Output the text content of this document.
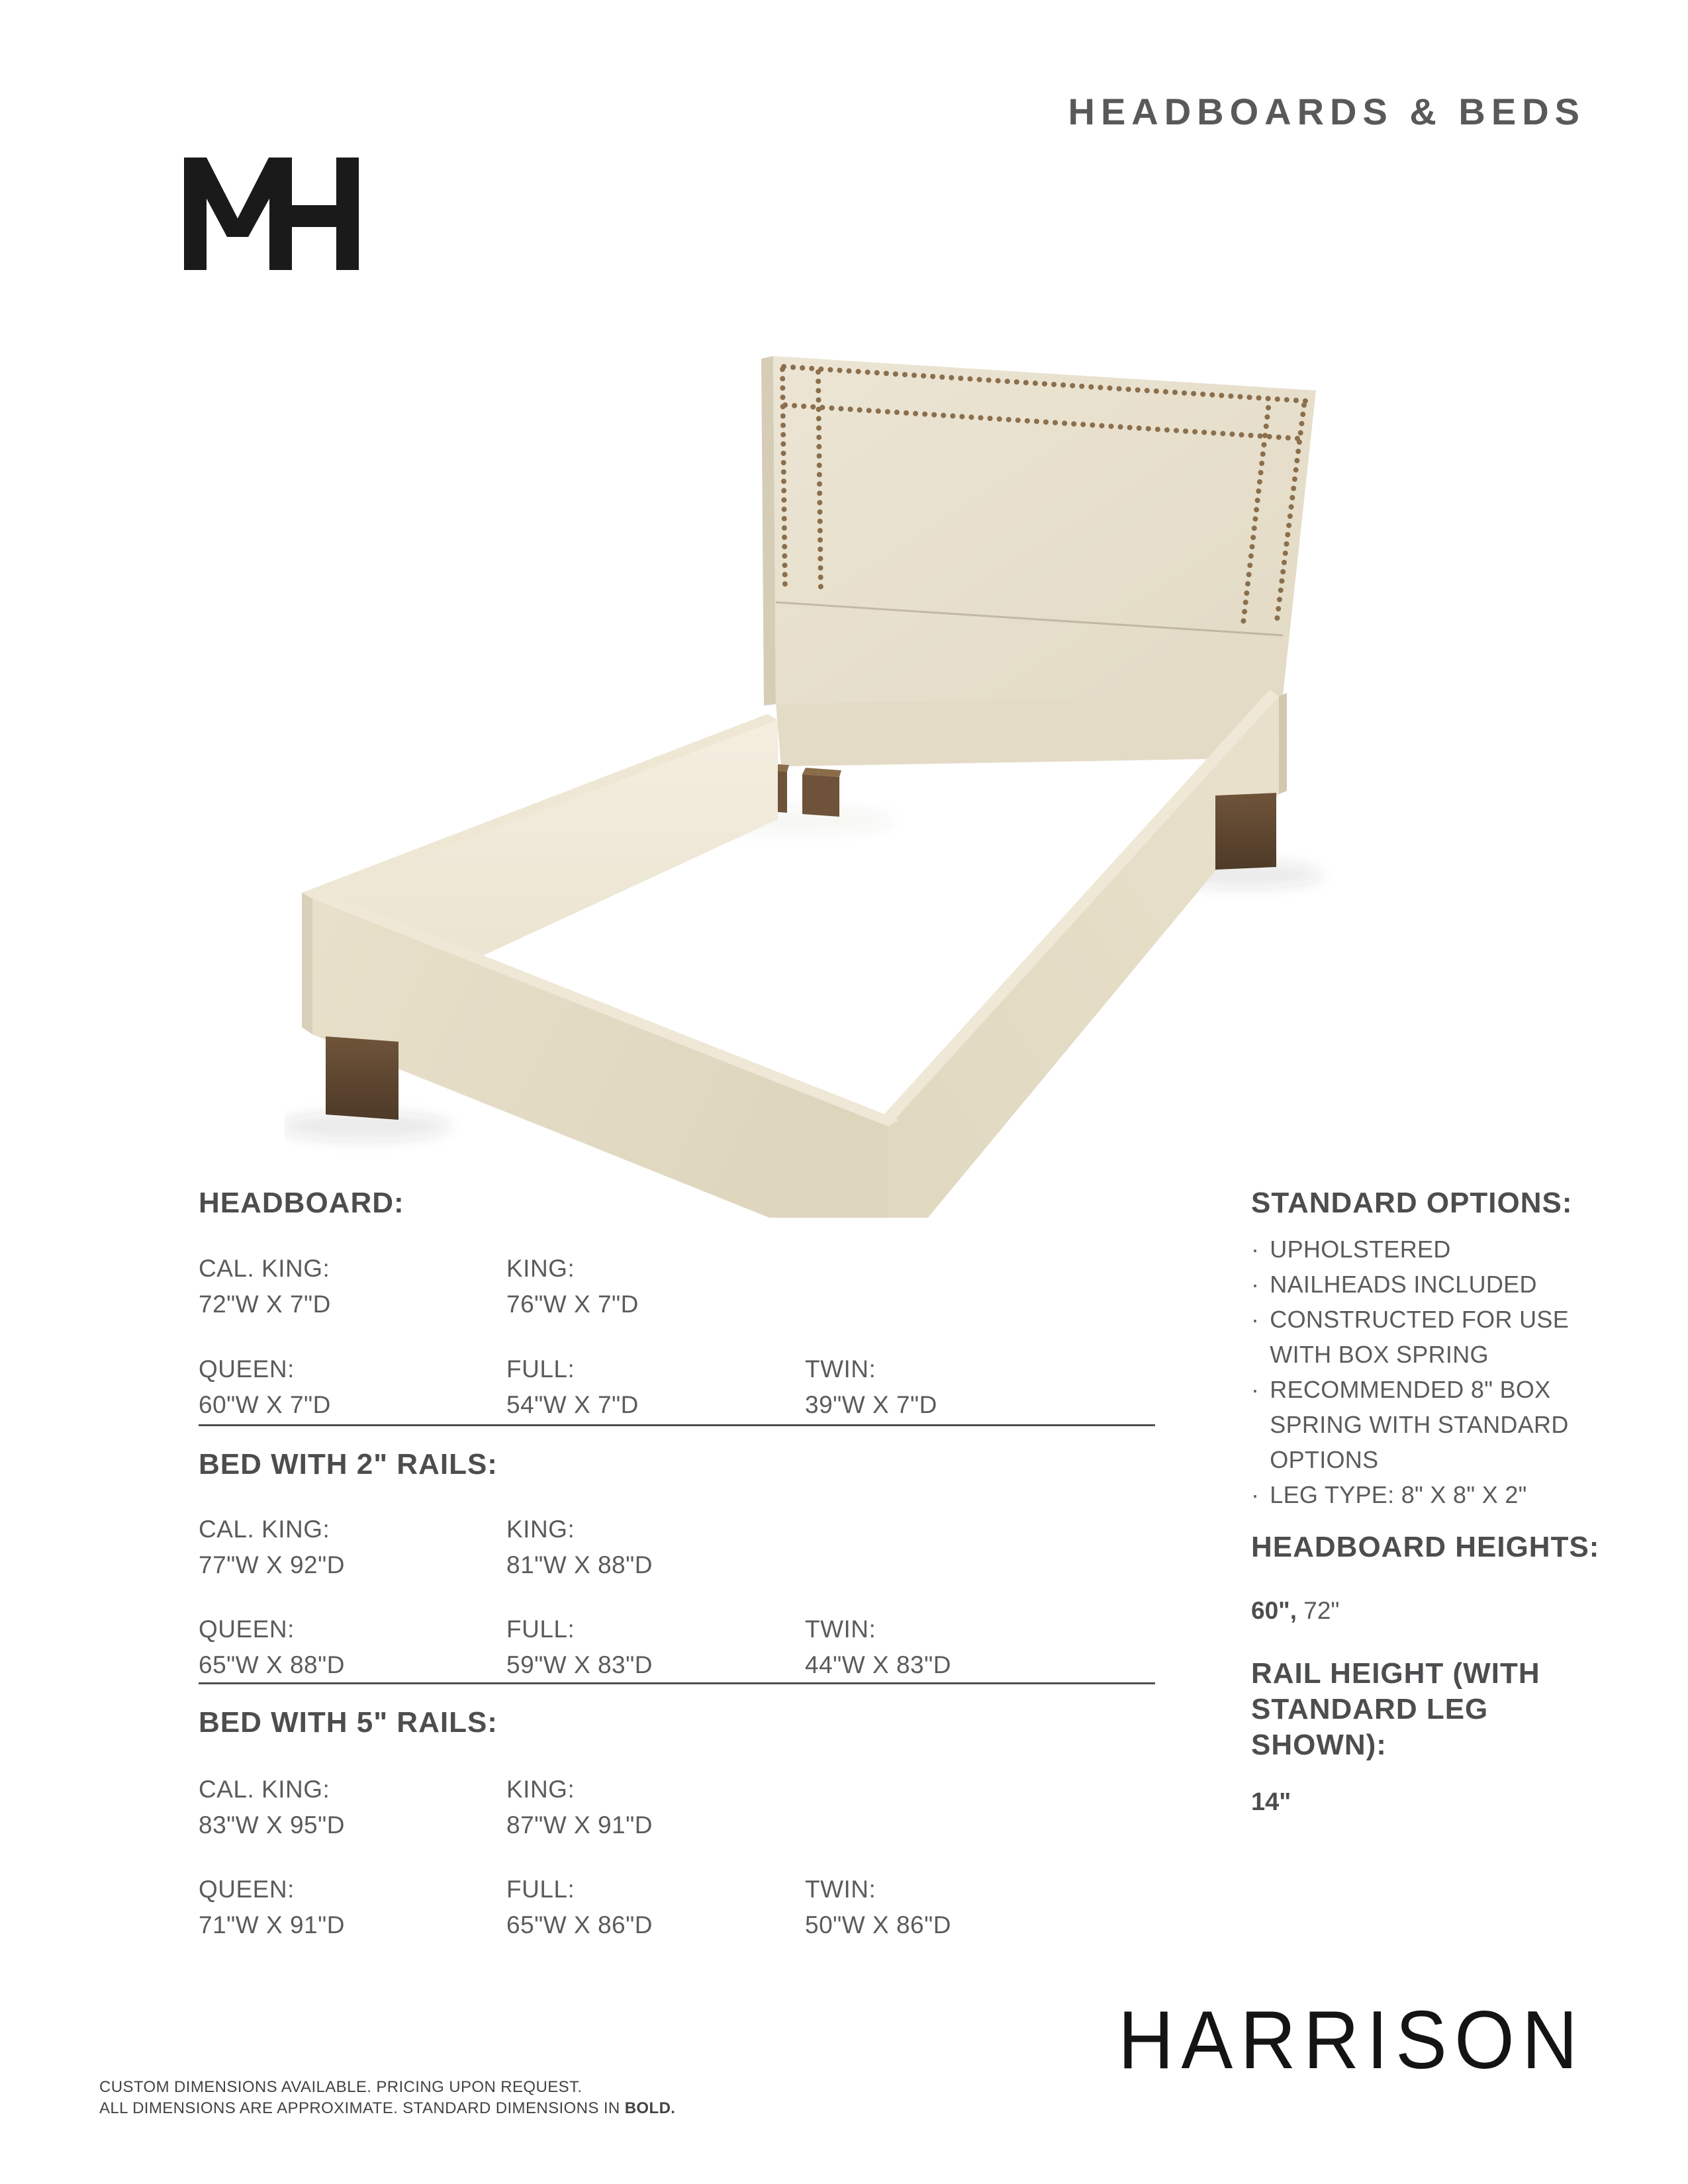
HEADBOARDS & BEDS
HEADBOARD:
CAL. KING:
72"W X 7"D
KING:
76"W X 7"D
QUEEN:
60"W X 7"D
FULL:
54"W X 7"D
TWIN:
39"W X 7"D
BED WITH 2" RAILS:
CAL. KING:
77"W X 92"D
KING:
81"W X 88"D
QUEEN:
65"W X 88"D
FULL:
59"W X 83"D
TWIN:
44"W X 83"D
BED WITH 5" RAILS:
CAL. KING:
83"W X 95"D
KING:
87"W X 91"D
QUEEN:
71"W X 91"D
FULL:
65"W X 86"D
TWIN:
50"W X 86"D
STANDARD OPTIONS:
· UPHOLSTERED
· NAILHEADS INCLUDED
· CONSTRUCTED FOR USE WITH BOX SPRING
· RECOMMENDED 8" BOX SPRING WITH STANDARD OPTIONS
· LEG TYPE: 8" X 8" X 2"
HEADBOARD HEIGHTS:
60", 72"
RAIL HEIGHT (WITH STANDARD LEG SHOWN):
14"
HARRISON
CUSTOM DIMENSIONS AVAILABLE. PRICING UPON REQUEST.
ALL DIMENSIONS ARE APPROXIMATE. STANDARD DIMENSIONS IN BOLD.
